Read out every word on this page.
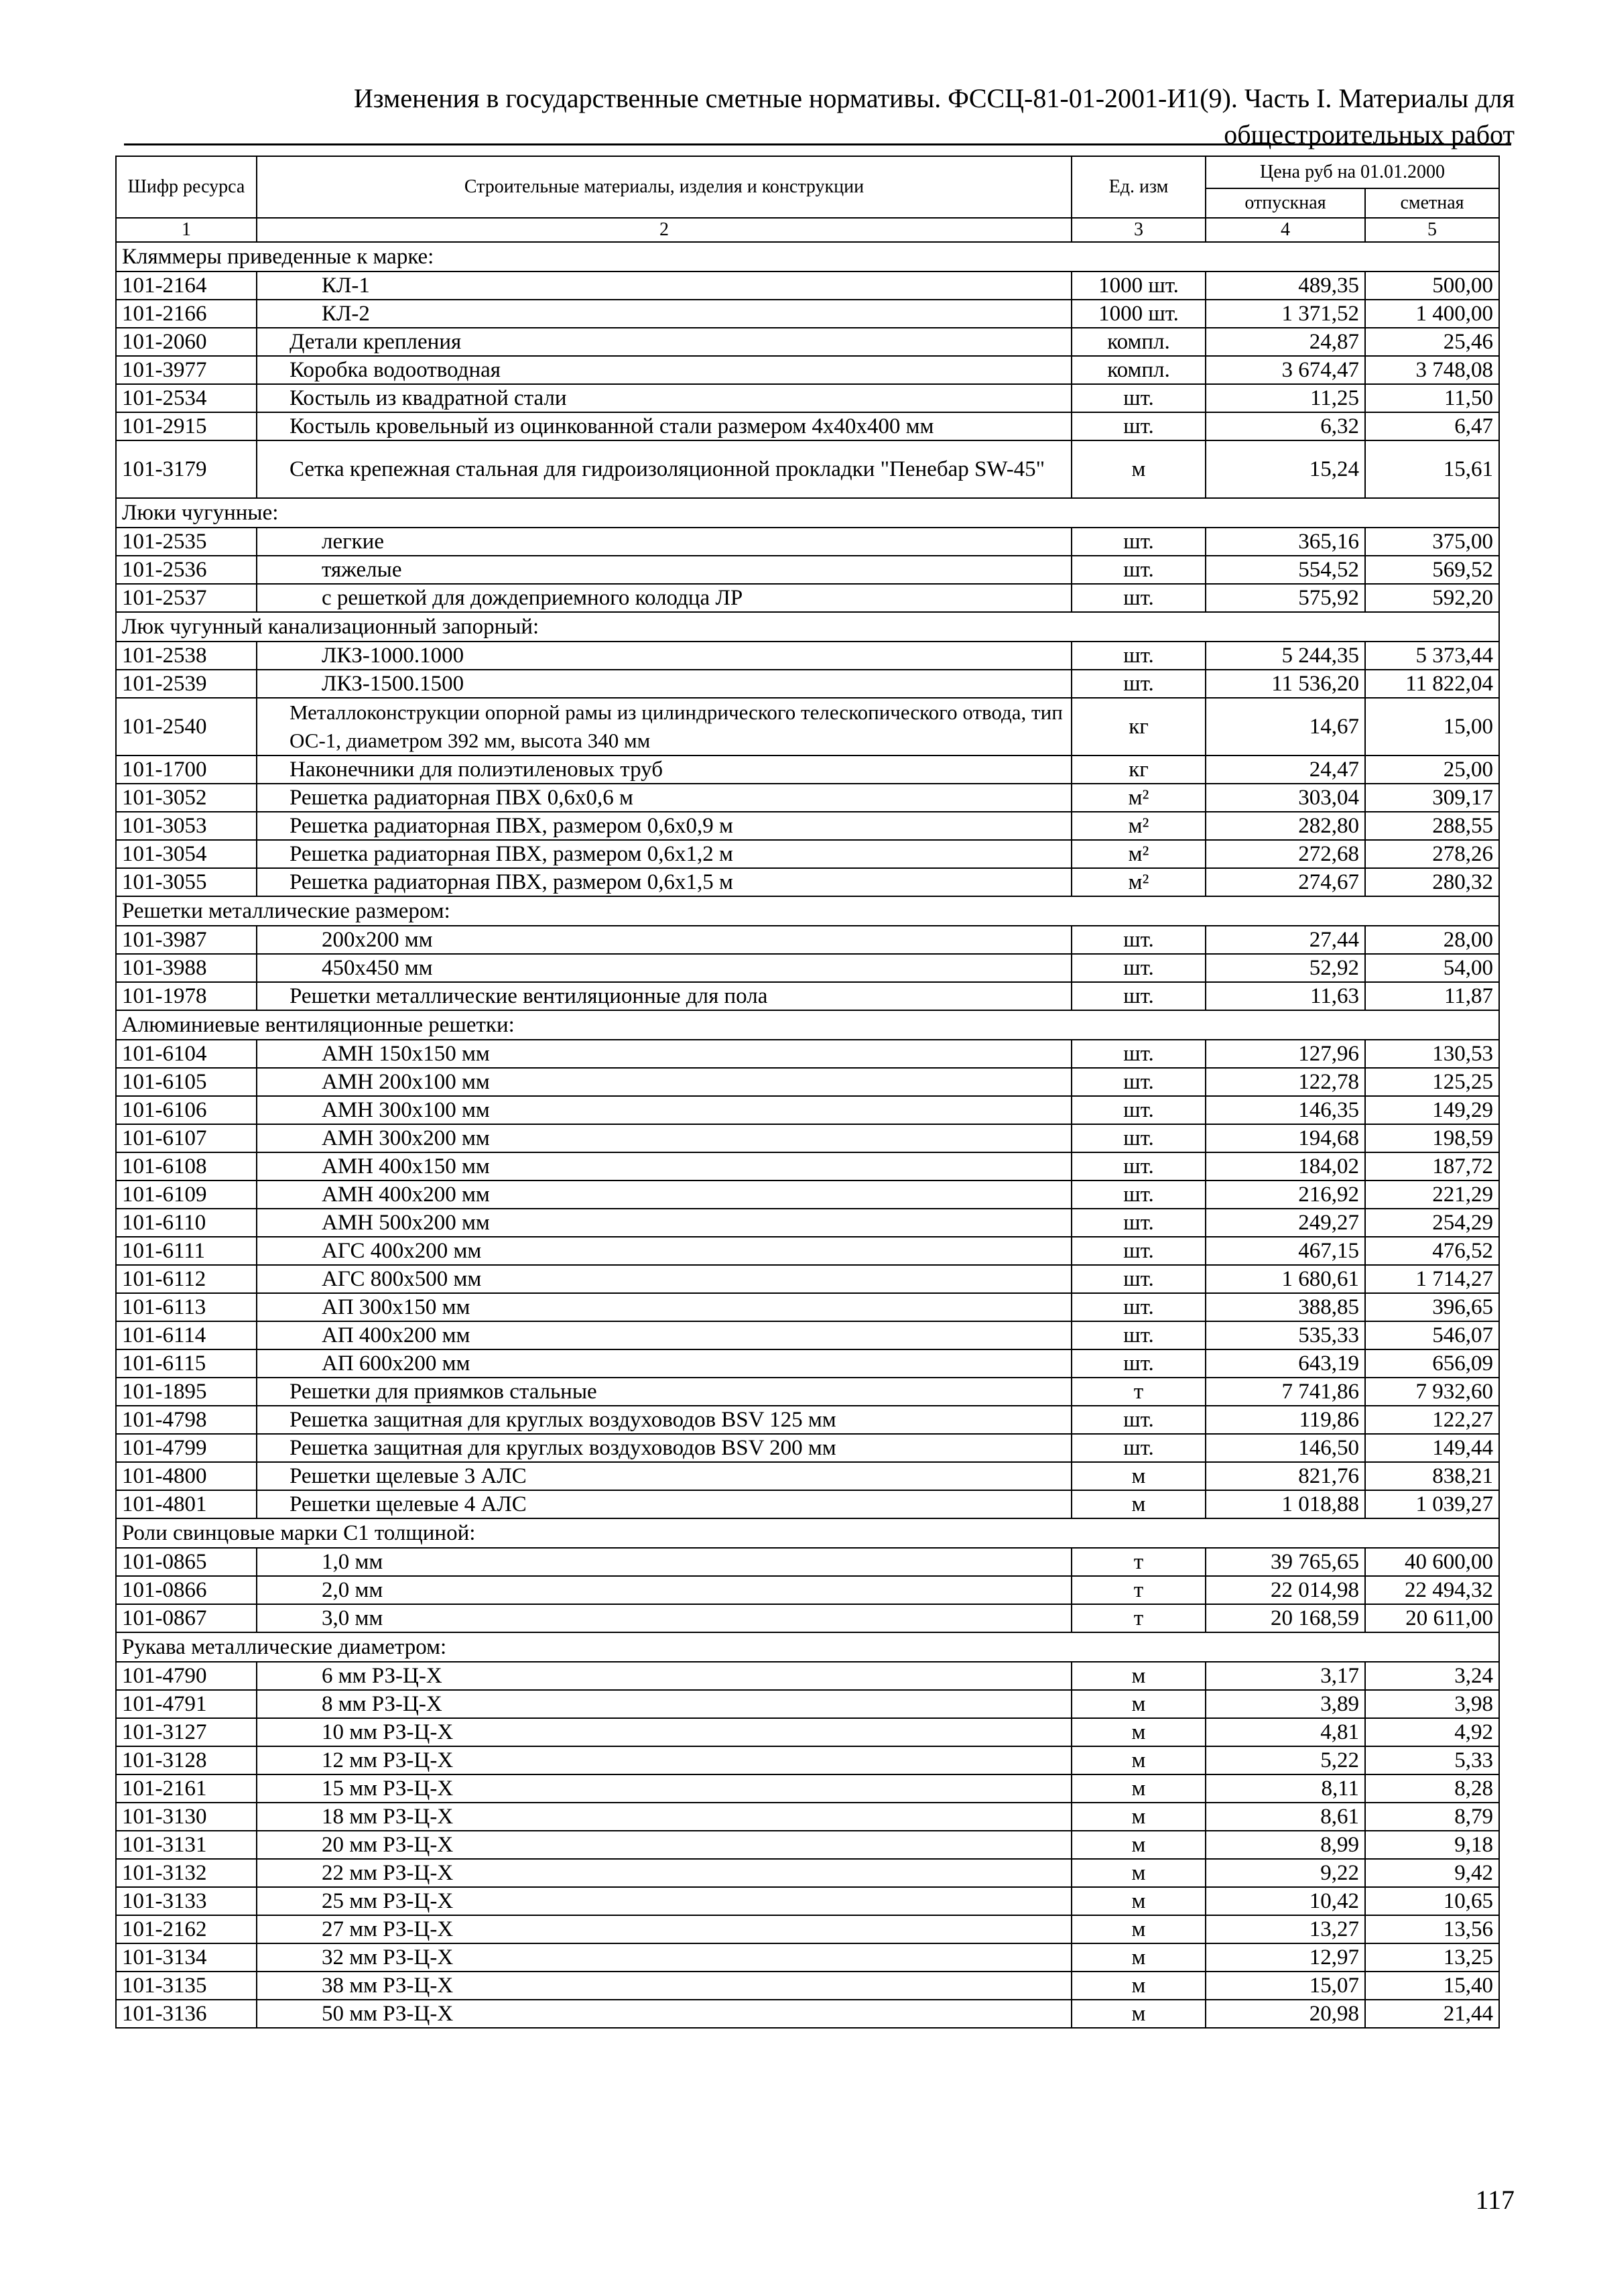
Изменения в государственные сметные нормативы. ФССЦ-81-01-2001-И1(9). Часть I. Материалы для
общестроительных работ
Шифр ресурса	Строительные материалы, изделия и конструкции	Ед. изм	Цена руб на 01.01.2000	
			отпускная	сметная
1	2	3	4	5
Кляммеры приведенные к марке:				
101-2164	КЛ-1	1000 шт.	489,35	500,00
101-2166	КЛ-2	1000 шт.	1 371,52	1 400,00
101-2060	Детали крепления	компл.	24,87	25,46
101-3977	Коробка водоотводная	компл.	3 674,47	3 748,08
101-2534	Костыль из квадратной стали	шт.	11,25	11,50
101-2915	Костыль кровельный из оцинкованной стали размером 4х40х400 мм	шт.	6,32	6,47
101-3179	Сетка крепежная стальная для гидроизоляционной прокладки "Пенебар SW-45"	м	15,24	15,61
Люки чугунные:				
101-2535	легкие	шт.	365,16	375,00
101-2536	тяжелые	шт.	554,52	569,52
101-2537	с решеткой для дождеприемного колодца ЛР	шт.	575,92	592,20
Люк чугунный канализационный запорный:				
101-2538	ЛКЗ-1000.1000	шт.	5 244,35	5 373,44
101-2539	ЛКЗ-1500.1500	шт.	11 536,20	11 822,04
101-2540	Металлоконструкции опорной рамы из цилиндрического телескопического отвода, тип ОС-1, диаметром 392 мм, высота 340 мм	кг	14,67	15,00
101-1700	Наконечники для полиэтиленовых труб	кг	24,47	25,00
101-3052	Решетка радиаторная ПВХ 0,6х0,6 м	м²	303,04	309,17
101-3053	Решетка радиаторная ПВХ, размером 0,6х0,9 м	м²	282,80	288,55
101-3054	Решетка радиаторная ПВХ, размером 0,6х1,2 м	м²	272,68	278,26
101-3055	Решетка радиаторная ПВХ, размером 0,6х1,5 м	м²	274,67	280,32
Решетки металлические размером:				
101-3987	200х200 мм	шт.	27,44	28,00
101-3988	450х450 мм	шт.	52,92	54,00
101-1978	Решетки металлические вентиляционные для пола	шт.	11,63	11,87
Алюминиевые вентиляционные решетки:				
101-6104	АМН 150х150 мм	шт.	127,96	130,53
101-6105	АМН 200х100 мм	шт.	122,78	125,25
101-6106	АМН 300х100 мм	шт.	146,35	149,29
101-6107	АМН 300х200 мм	шт.	194,68	198,59
101-6108	АМН 400х150 мм	шт.	184,02	187,72
101-6109	АМН 400х200 мм	шт.	216,92	221,29
101-6110	АМН 500х200 мм	шт.	249,27	254,29
101-6111	АГС 400х200 мм	шт.	467,15	476,52
101-6112	АГС 800х500 мм	шт.	1 680,61	1 714,27
101-6113	АП 300х150 мм	шт.	388,85	396,65
101-6114	АП 400х200 мм	шт.	535,33	546,07
101-6115	АП 600х200 мм	шт.	643,19	656,09
101-1895	Решетки для приямков стальные	т	7 741,86	7 932,60
101-4798	Решетка защитная для круглых воздуховодов BSV 125 мм	шт.	119,86	122,27
101-4799	Решетка защитная для круглых воздуховодов BSV 200 мм	шт.	146,50	149,44
101-4800	Решетки щелевые 3 АЛС	м	821,76	838,21
101-4801	Решетки щелевые 4 АЛС	м	1 018,88	1 039,27
Роли свинцовые марки С1 толщиной:				
101-0865	1,0 мм	т	39 765,65	40 600,00
101-0866	2,0 мм	т	22 014,98	22 494,32
101-0867	3,0 мм	т	20 168,59	20 611,00
Рукава металлические диаметром:				
101-4790	6 мм РЗ-Ц-Х	м	3,17	3,24
101-4791	8 мм РЗ-Ц-Х	м	3,89	3,98
101-3127	10 мм РЗ-Ц-Х	м	4,81	4,92
101-3128	12 мм РЗ-Ц-Х	м	5,22	5,33
101-2161	15 мм РЗ-Ц-Х	м	8,11	8,28
101-3130	18 мм РЗ-Ц-Х	м	8,61	8,79
101-3131	20 мм РЗ-Ц-Х	м	8,99	9,18
101-3132	22 мм РЗ-Ц-Х	м	9,22	9,42
101-3133	25 мм РЗ-Ц-Х	м	10,42	10,65
101-2162	27 мм РЗ-Ц-Х	м	13,27	13,56
101-3134	32 мм РЗ-Ц-Х	м	12,97	13,25
101-3135	38 мм РЗ-Ц-Х	м	15,07	15,40
101-3136	50 мм РЗ-Ц-Х	м	20,98	21,44
117
